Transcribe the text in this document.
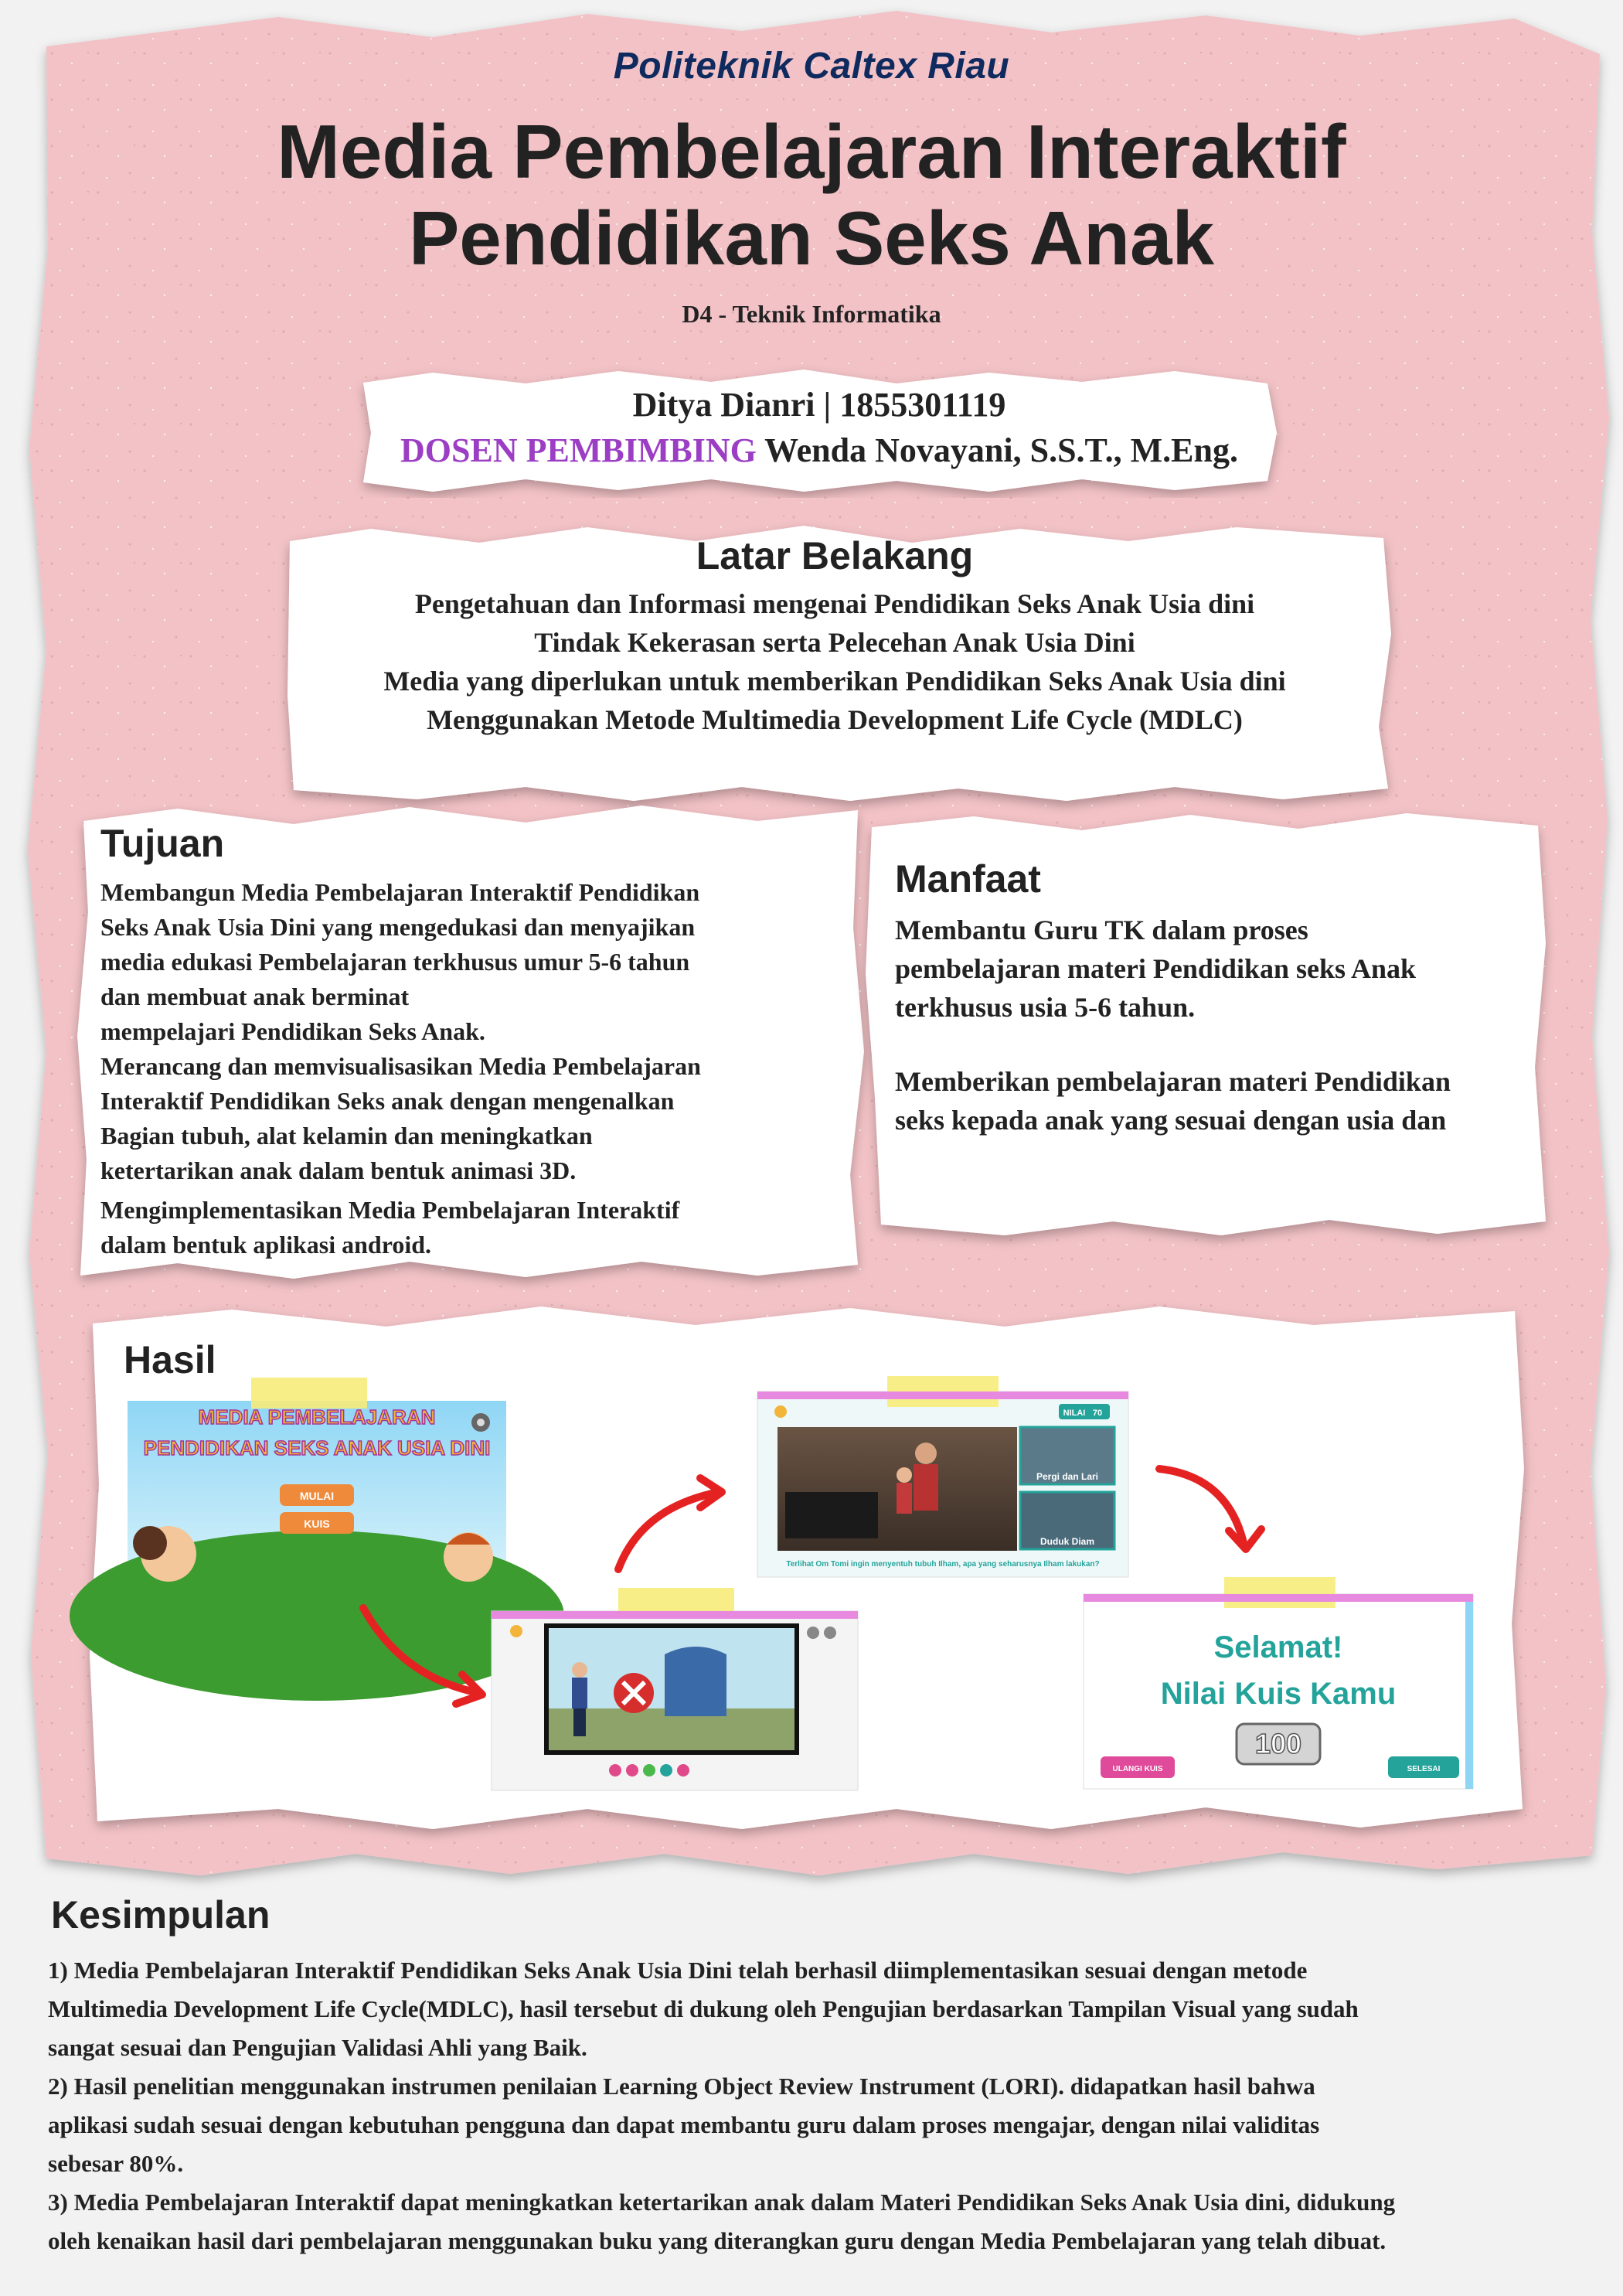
Politeknik Caltex Riau
Media Pembelajaran Interaktif
Pendidikan Seks Anak
D4 - Teknik Informatika
Ditya Dianri | 1855301119
DOSEN PEMBIMBING Wenda Novayani, S.S.T., M.Eng.
Latar Belakang
Pengetahuan dan Informasi mengenai Pendidikan Seks Anak Usia dini
Tindak Kekerasan serta Pelecehan Anak Usia Dini
Media yang diperlukan untuk memberikan Pendidikan Seks Anak Usia dini
Menggunakan Metode Multimedia Development Life Cycle (MDLC)
Tujuan
Membangun Media Pembelajaran Interaktif Pendidikan
Seks Anak Usia Dini yang mengedukasi dan menyajikan
media edukasi Pembelajaran terkhusus umur 5-6 tahun
dan membuat anak berminat
mempelajari Pendidikan Seks Anak.
Merancang dan memvisualisasikan Media Pembelajaran
Interaktif Pendidikan Seks anak dengan mengenalkan
Bagian tubuh, alat kelamin dan meningkatkan
ketertarikan anak dalam bentuk animasi 3D.
Mengimplementasikan Media Pembelajaran Interaktif
dalam bentuk aplikasi android.
Manfaat
Membantu Guru TK dalam proses
pembelajaran materi Pendidikan seks Anak
terkhusus usia 5-6 tahun.
Memberikan pembelajaran materi Pendidikan
seks kepada anak yang sesuai dengan usia dan
Hasil
MEDIA PEMBELAJARAN
PENDIDIKAN SEKS ANAK USIA DINI
MULAI
KUIS
NILAI 70
Pergi dan Lari
Duduk Diam
Terlihat Om Tomi ingin menyentuh tubuh Ilham, apa yang seharusnya Ilham lakukan?
Selamat!
Nilai Kuis Kamu
100
ULANGI KUIS	SELESAI
Kesimpulan
1) Media Pembelajaran Interaktif Pendidikan Seks Anak Usia Dini telah berhasil diimplementasikan sesuai dengan metode
Multimedia Development Life Cycle(MDLC), hasil tersebut di dukung oleh Pengujian berdasarkan Tampilan Visual yang sudah
sangat sesuai dan Pengujian Validasi Ahli yang Baik.
2) Hasil penelitian menggunakan instrumen penilaian Learning Object Review Instrument (LORI). didapatkan hasil bahwa
aplikasi sudah sesuai dengan kebutuhan pengguna dan dapat membantu guru dalam proses mengajar, dengan nilai validitas
sebesar 80%.
3) Media Pembelajaran Interaktif dapat meningkatkan ketertarikan anak dalam Materi Pendidikan Seks Anak Usia dini, didukung
oleh kenaikan hasil dari pembelajaran menggunakan buku yang diterangkan guru dengan Media Pembelajaran yang telah dibuat.
